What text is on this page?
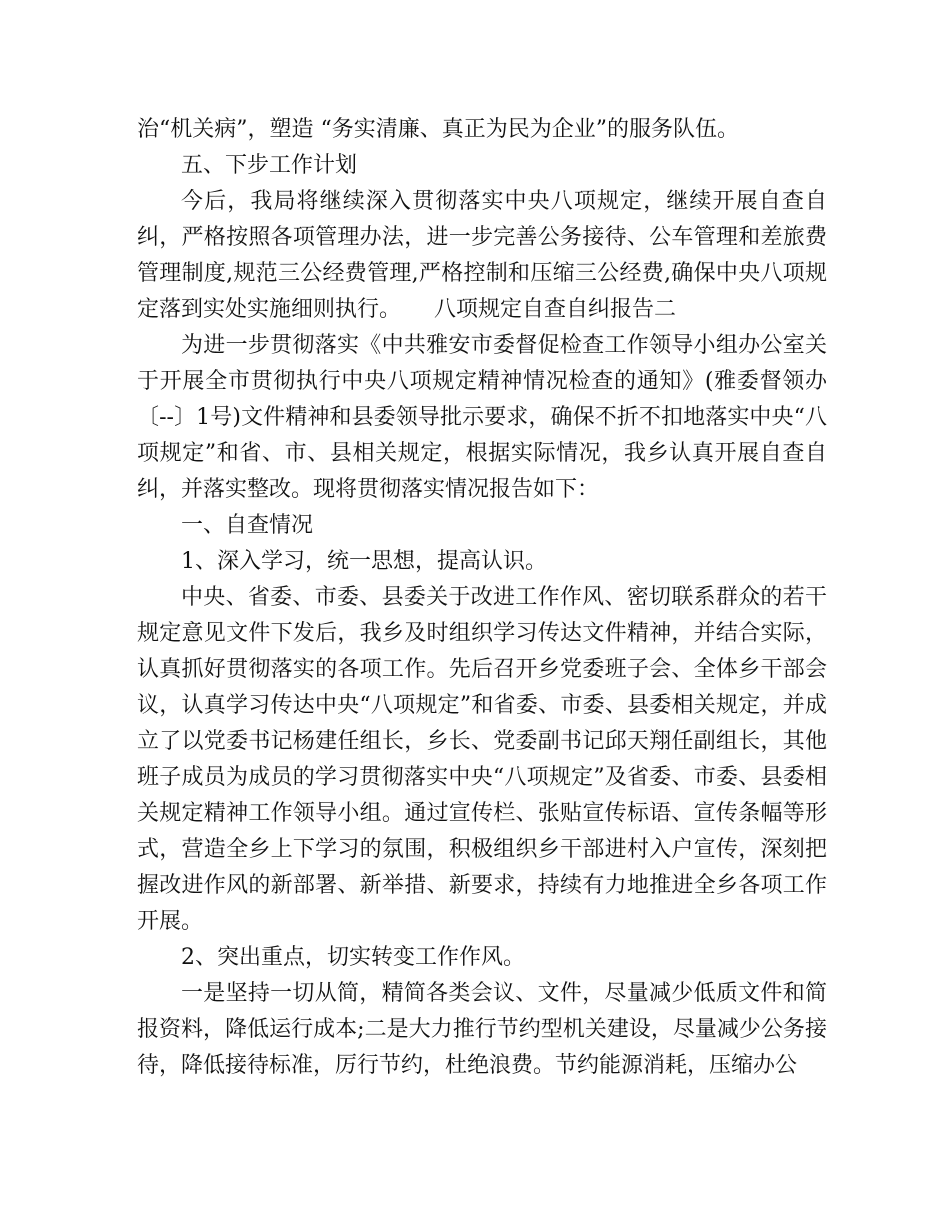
治“机关病”，塑造 “务实清廉、真正为民为企业”的服务队伍。

五、下步工作计划

今后，我局将继续深入贯彻落实中央八项规定，继续开展自查自纠，严格按照各项管理办法，进一步完善公务接待、公车管理和差旅费管理制度,规范三公经费管理,严格控制和压缩三公经费,确保中央八项规定落到实处实施细则执行。　　八项规定自查自纠报告二

为进一步贯彻落实《中共雅安市委督促检查工作领导小组办公室关于开展全市贯彻执行中央八项规定精神情况检查的通知》(雅委督领办〔--〕1号)文件精神和县委领导批示要求，确保不折不扣地落实中央“八项规定”和省、市、县相关规定，根据实际情况，我乡认真开展自查自纠，并落实整改。现将贯彻落实情况报告如下：

一、自查情况

1、深入学习，统一思想，提高认识。

中央、省委、市委、县委关于改进工作作风、密切联系群众的若干规定意见文件下发后，我乡及时组织学习传达文件精神，并结合实际，认真抓好贯彻落实的各项工作。先后召开乡党委班子会、全体乡干部会议，认真学习传达中央“八项规定”和省委、市委、县委相关规定，并成立了以党委书记杨建任组长，乡长、党委副书记邱天翔任副组长，其他班子成员为成员的学习贯彻落实中央“八项规定”及省委、市委、县委相关规定精神工作领导小组。通过宣传栏、张贴宣传标语、宣传条幅等形式，营造全乡上下学习的氛围，积极组织乡干部进村入户宣传，深刻把握改进作风的新部署、新举措、新要求，持续有力地推进全乡各项工作开展。

2、突出重点，切实转变工作作风。

一是坚持一切从简，精简各类会议、文件，尽量减少低质文件和简报资料，降低运行成本;二是大力推行节约型机关建设，尽量减少公务接待，降低接待标准，厉行节约，杜绝浪费。节约能源消耗，压缩办公
